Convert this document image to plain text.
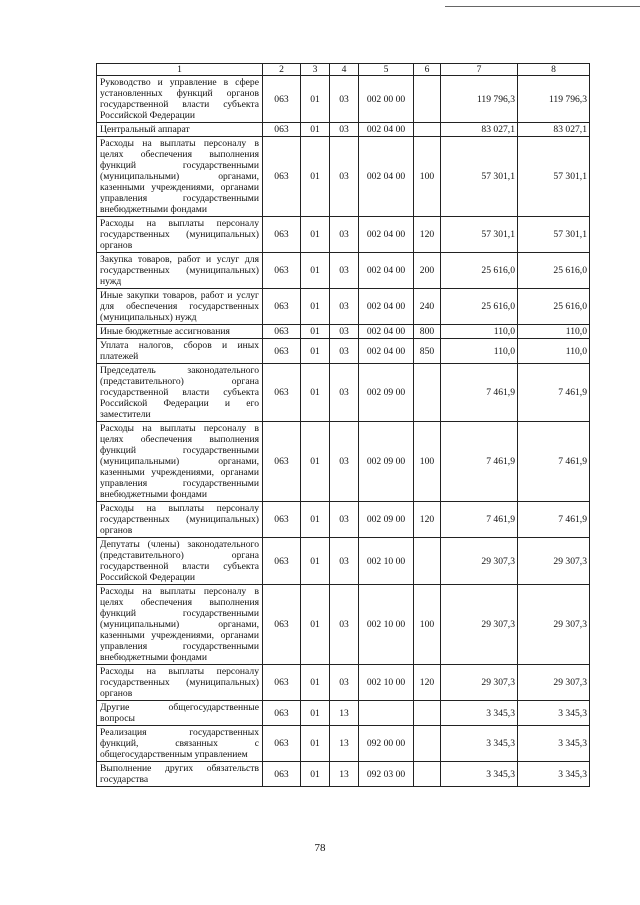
1	2	3	4	5	6	7	8
Руководство и управление в сфере установленных функций органов государственной власти субъекта Российской Федерации	063	01	03	002 00 00		119 796,3	119 796,3
Центральный аппарат	063	01	03	002 04 00		83 027,1	83 027,1
Расходы на выплаты персоналу в целях обеспечения выполнения функций государственными (муниципальными) органами, казенными учреждениями, органами управления государственными внебюджетными фондами	063	01	03	002 04 00	100	57 301,1	57 301,1
Расходы на выплаты персоналу государственных (муниципальных) органов	063	01	03	002 04 00	120	57 301,1	57 301,1
Закупка товаров, работ и услуг для государственных (муниципальных) нужд	063	01	03	002 04 00	200	25 616,0	25 616,0
Иные закупки товаров, работ и услуг для обеспечения государственных (муниципальных) нужд	063	01	03	002 04 00	240	25 616,0	25 616,0
Иные бюджетные ассигнования	063	01	03	002 04 00	800	110,0	110,0
Уплата налогов, сборов и иных платежей	063	01	03	002 04 00	850	110,0	110,0
Председатель законодательного (представительного) органа государственной власти субъекта Российской Федерации и его заместители	063	01	03	002 09 00		7 461,9	7 461,9
Расходы на выплаты персоналу в целях обеспечения выполнения функций государственными (муниципальными) органами, казенными учреждениями, органами управления государственными внебюджетными фондами	063	01	03	002 09 00	100	7 461,9	7 461,9
Расходы на выплаты персоналу государственных (муниципальных) органов	063	01	03	002 09 00	120	7 461,9	7 461,9
Депутаты (члены) законодательного (представительного) органа государственной власти субъекта Российской Федерации	063	01	03	002 10 00		29 307,3	29 307,3
Расходы на выплаты персоналу в целях обеспечения выполнения функций государственными (муниципальными) органами, казенными учреждениями, органами управления государственными внебюджетными фондами	063	01	03	002 10 00	100	29 307,3	29 307,3
Расходы на выплаты персоналу государственных (муниципальных) органов	063	01	03	002 10 00	120	29 307,3	29 307,3
Другие общегосударственные вопросы	063	01	13			3 345,3	3 345,3
Реализация государственных функций, связанных с общегосударственным управлением	063	01	13	092 00 00		3 345,3	3 345,3
Выполнение других обязательств государства	063	01	13	092 03 00		3 345,3	3 345,3
78
